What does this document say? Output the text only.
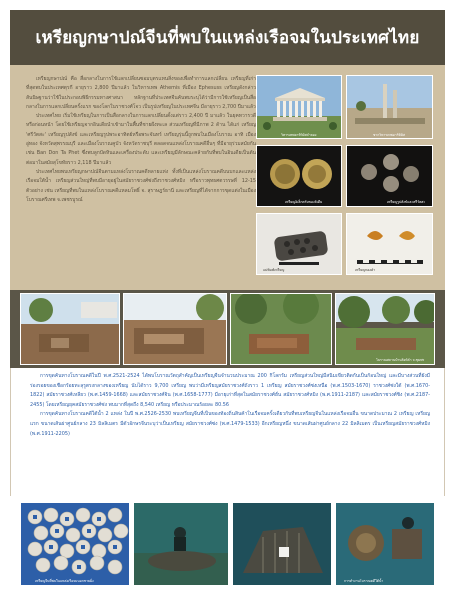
เหรียญกษาปณ์จีนที่พบในแหล่งเรือจมในประเทศไทย

เหรียญกษาปณ์ คือ สื่อกลางในการใช้แลกเปลี่ยนซอมบุตรแทนสิ่งของเพื่อทำการแลกเปลี่ยน เหรียญที่เก่าที่สุดพบในประเทศตุรกี อายุราว 2,800 ปีมาแล้ว ในวิหารเทพ Athemis ที่เมือง Ephesuss เหรียญดังกล่าวสันนิษฐานว่าใช้ในประกอบพิธีกรรมทางศาสนา หลักฐานที่ประเทศจีนค้นพบระบุได้ว่ามีการใช้เหรียญเป็นสื่อกลางในการแลกเปลี่ยนครั้งแรก ของโลกในราชวงศ์โจว เป็นรูปเหรียญในประเทศจีน มีอายุราว 2,700 ปีมาแล้ว

ประเทศไทย เริ่มใช้เหรียญในการเป็นสื่อกลางในการแลกเปลี่ยนตั้งแต่ราว 2,400 ปี มาแล้ว ในยุคทวารวดีหรือก่อนหน้า โดยใช้เหรียญจากอินเดียนำเข้ามาในพื้นที่ชายฝั่งทะเล ส่วนเหรียญที่มีภาพ 2 ด้าน ได้แก่ เหรียญ 'ศรีวัตสะ' เหรียญรูปสังข์ และเหรียญรูปพระอาทิตย์หรือพระจันทร์ เหรียญรุ่นนี้ถูกพบในเมืองโบราณ อาทิ เมืองอู่ทอง จังหวัดสุพรรณบุรี และเมืองโบราณคูบัว จังหวัดราชบุรี ตลอดจนแหล่งโบราณคดีอื่นๆ ที่มีอายุร่วมสมัยกัน เช่น Ban Don Ta Phet ซึ่งพบลูกปัดหินและเครื่องประดับ และเหรียญมีลักษณะคล้ายกับที่พบในอินเดียเป็นต้น ต่อมาในสมัยสุโขทัยราว 2,118 ปีมาแล้ว

ประเทศไทยพบเหรียญกษาปณ์จีนตามแหล่งโบราณคดีหลายแห่ง ทั้งที่เป็นแหล่งโบราณคดีบนบกและแหล่งเรือจมใต้น้ำ เหรียญส่วนใหญ่ที่พบมีอายุอยู่ในสมัยราชวงศ์ซ่งถึงราชวงศ์หมิง หรือราวพุทธศตวรรษที่ 12-15 ตัวอย่าง เช่น เหรียญที่พบในแหล่งโบราณคดีแหลมโพธิ์ จ. สุราษฎร์ธานี และเหรียญที่ได้จากการขุดแต่งในเมืองโบราณศรีเทพ จ.เพชรบูรณ์

วิหารเทพอาร์ทิมิสจำลอง	ซากวิหารเทพอาร์ทิมิส
เหรียญอิเล็กตรัมของลิเดีย	เหรียญรูปสังข์และศรีวัตสะ
แม่พิมพ์เหรียญ	เหรียญทองคำ
โบราณสถานบ้านลิงห์ลำ จ.ชุมพร

การขุดค้นทางโบราณคดีในปี พ.ศ.2521-2524 ได้พบโบราณวัตถุสำคัญเป็นเหรียญจีนจำนวนประมาณ 200 กิโลกรัม เหรียญส่วนใหญ่มีสนิมเขียวติดกันเป็นก้อนใหญ่ และมีบางส่วนที่ยังมีร่องรอยของเชือกร้อยทะลุรูตรงกลางของเหรียญ นับได้ราว 9,700 เหรียญ พบว่ามีเหรียญสมัยราชวงศ์ถังราว 1 เหรียญ สมัยราชวงศ์ซ่งเหนือ (พ.ศ.1503-1670) ราชวงศ์ซ่งใต้ (พ.ศ.1670-1822) สมัยราชวงศ์เหลียว (พ.ศ.1459-1668) และสมัยราชวงศ์จิน (พ.ศ.1658-1777) มีอายุเก่าที่สุดในสมัยราชวงศ์ฮั่น สมัยราชวงศ์หมิง (พ.ศ.1911-2187) และสมัยราชวงศ์ชิง (พ.ศ.2187-2455) โดยเหรียญยุคสมัยราชวงศ์ซ่ง พบมากที่สุดถึง 8,540 เหรียญ หรือประมาณร้อยละ 80.56

การขุดค้นทางโบราณคดีใต้น้ำ 2 แหล่ง ในปี พ.ศ.2526-2530 พบเหรียญจีนที่เป็นของท้องถิ่นสินค้าในเรือจมครั้งเดียวกับที่พบเหรียญจีนในแหล่งเรือจมอื่น ขนาดประมาณ 2 เหรียญ เหรียญแรก ขนาดเส้นผ่าศูนย์กลาง 23 มิลลิเมตร มีตัวอักษรจีนระบุว่าเป็นเหรียญ สมัยราชวงศ์ซ่ง (พ.ศ.1479-1533) อีกเหรียญหนึ่ง ขนาดเส้นผ่าศูนย์กลาง 22 มิลลิเมตร เป็นเหรียญสมัยราชวงศ์หมิง (พ.ศ.1911-2205)

เหรียญจีนที่พบในแหล่งเรือจมนอกชายฝั่ง	การทำงานโบราณคดีใต้น้ำ
